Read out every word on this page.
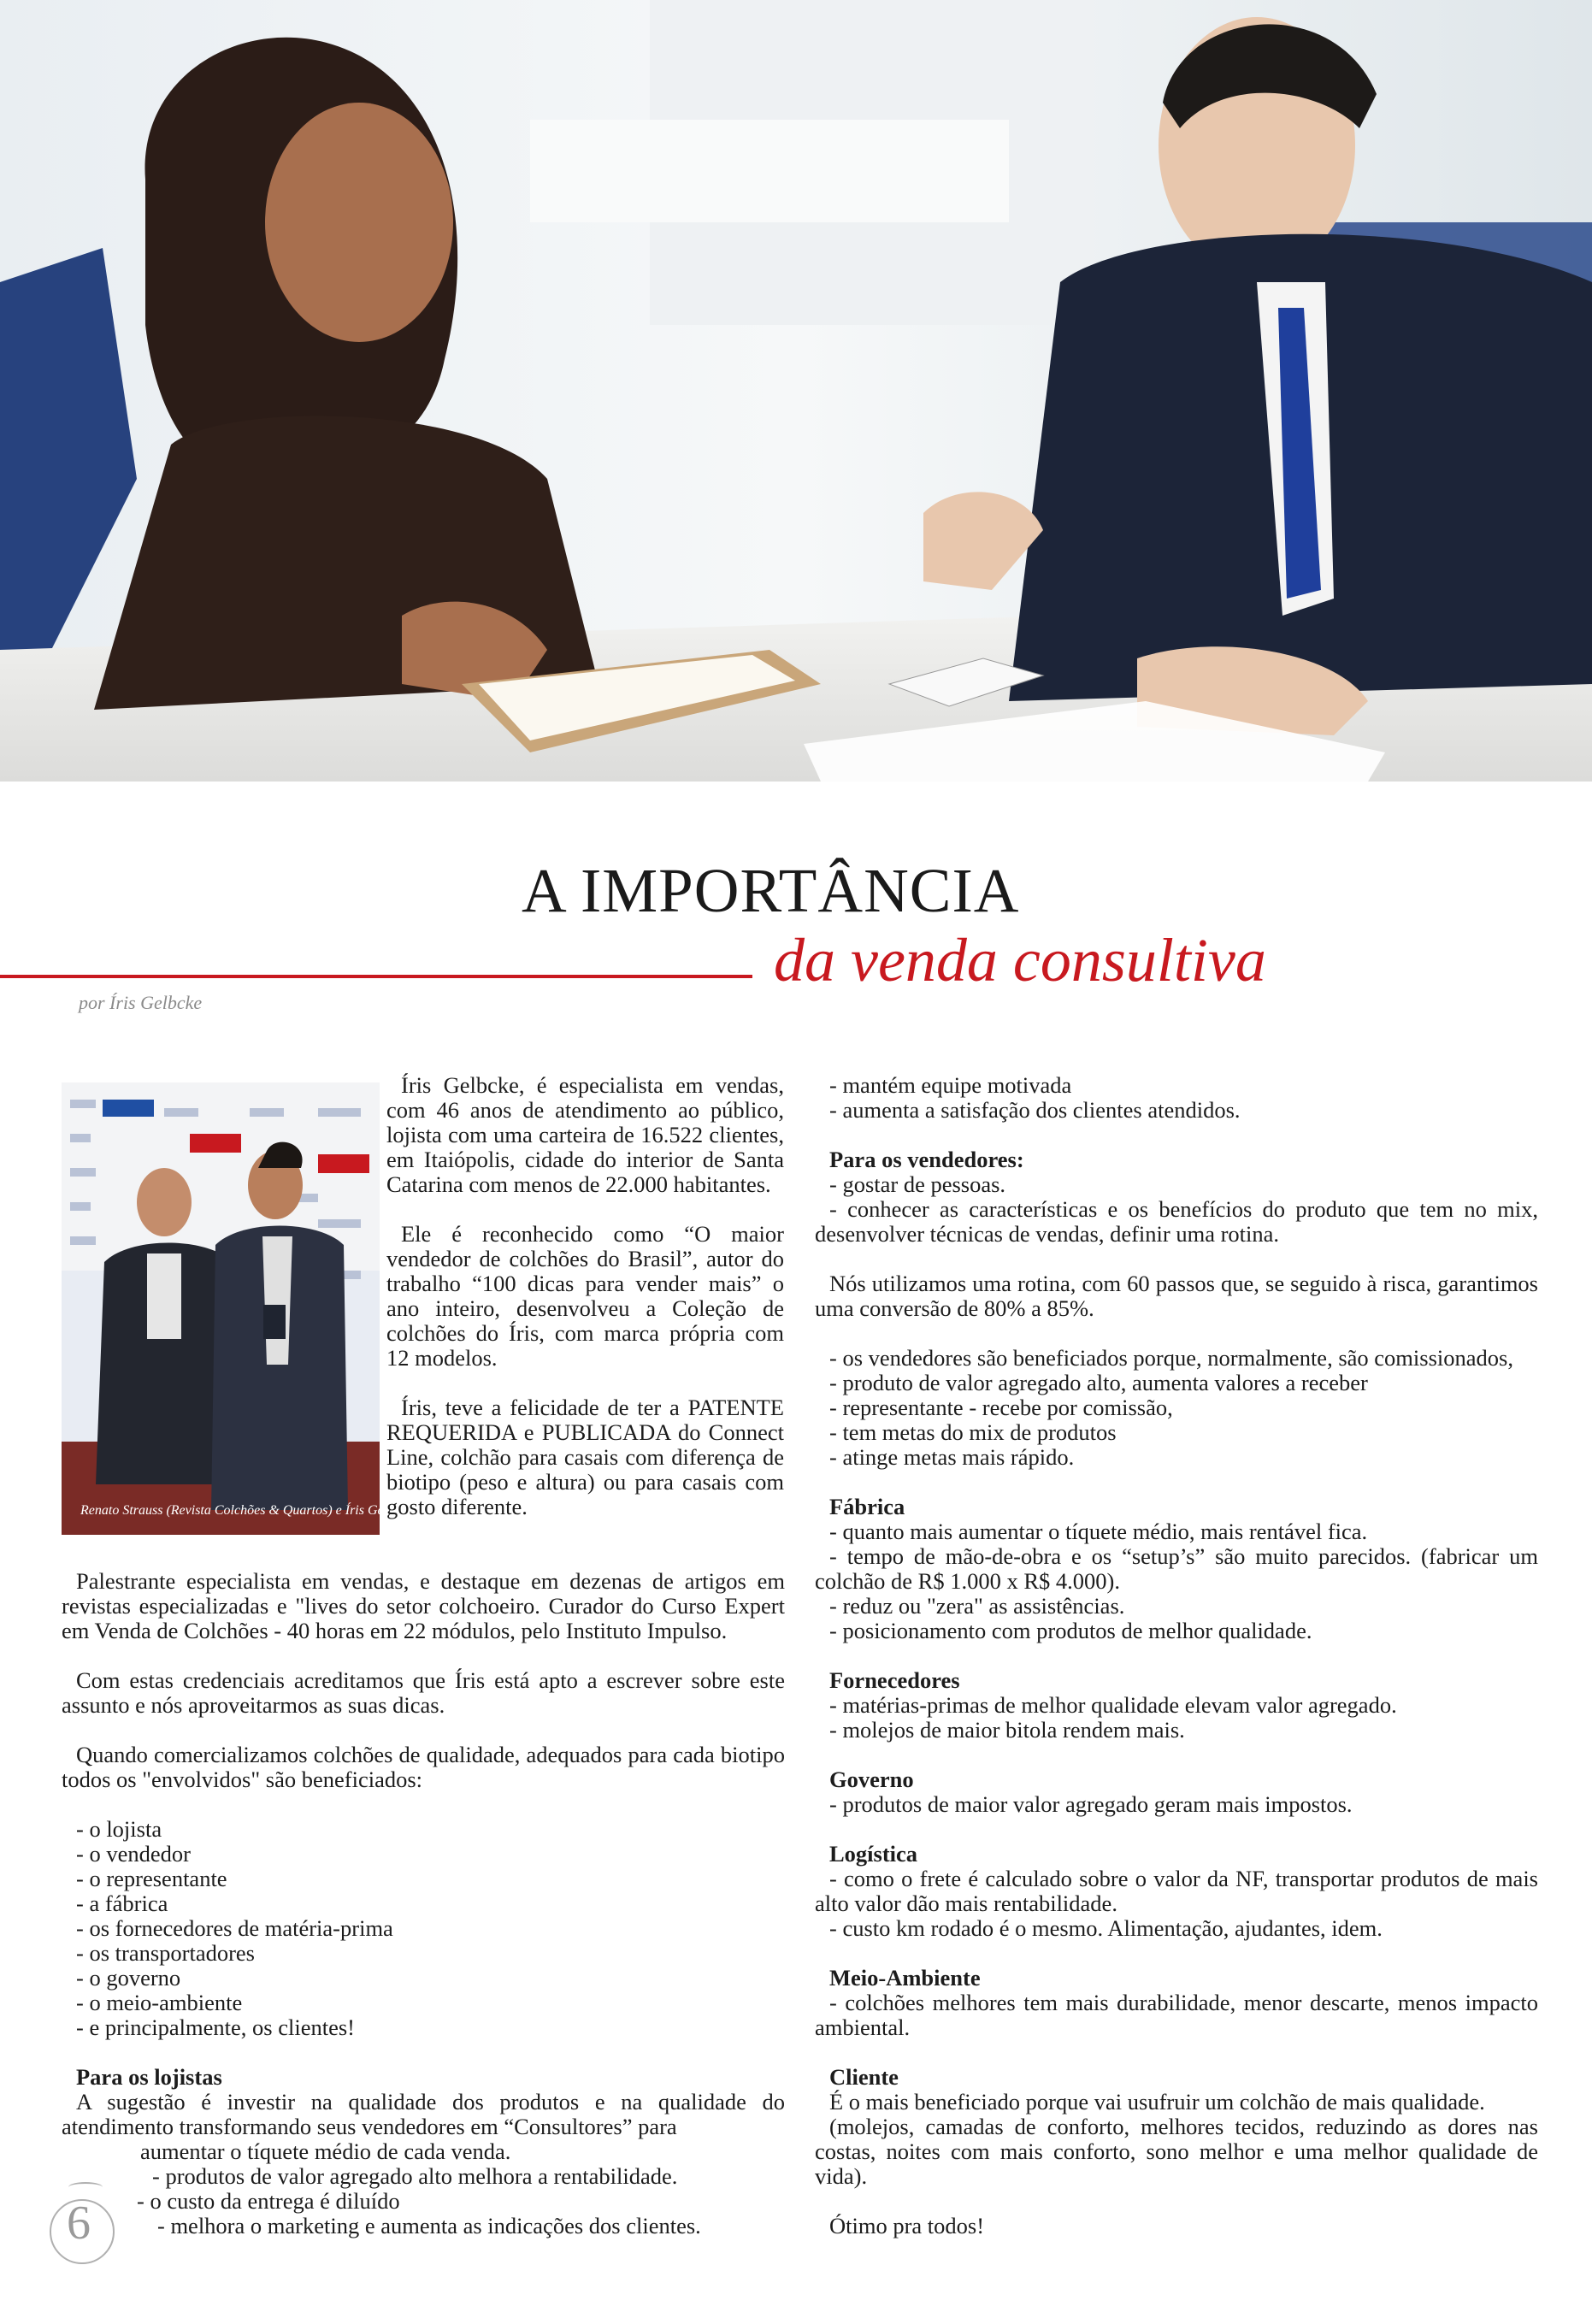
A IMPORTÂNCIA
da venda consultiva
por Íris Gelbcke
Renato Strauss (Revista Colchões & Quartos) e Íris Gelbcke

Íris Gelbcke, é especialista em vendas, com 46 anos de atendimento ao público, lojista com uma carteira de 16.522 clientes, em Itaiópolis, cidade do interior de Santa Catarina com menos de 22.000 habitantes.

Ele é reconhecido como “O maior vendedor de colchões do Brasil”, autor do trabalho “100 dicas para vender mais” o ano inteiro, desenvolveu a Coleção de colchões do Íris, com marca própria com 12 modelos.

Íris, teve a felicidade de ter a PATENTE REQUERIDA e PUBLICADA do Connect Line, colchão para casais com diferença de biotipo (peso e altura) ou para casais com gosto diferente.

Palestrante especialista em vendas, e destaque em dezenas de artigos em revistas especializadas e "lives do setor colchoeiro. Curador do Curso Expert em Venda de Colchões - 40 horas em 22 módulos, pelo Instituto Impulso.

Com estas credenciais acreditamos que Íris está apto a escrever sobre este assunto e nós aproveitarmos as suas dicas.

Quando comercializamos colchões de qualidade, adequados para cada biotipo todos os "envolvidos" são beneficiados:

- o lojista
- o vendedor
- o representante
- a fábrica
- os fornecedores de matéria-prima
- os transportadores
- o governo
- o meio-ambiente
- e principalmente, os clientes!
Para os lojistas

A sugestão é investir na qualidade dos produtos e na qualidade do atendimento transformando seus vendedores em “Consultores” para

aumentar o tíquete médio de cada venda.
- produtos de valor agregado alto melhora a rentabilidade.
- o custo da entrega é diluído
- melhora o marketing e aumenta as indicações dos clientes.
- mantém equipe motivada
- aumenta a satisfação dos clientes atendidos.
Para os vendedores:
- gostar de pessoas.

- conhecer as características e os benefícios do produto que tem no mix, desenvolver técnicas de vendas, definir uma rotina.

Nós utilizamos uma rotina, com 60 passos que, se seguido à risca, garantimos uma conversão de 80% a 85%.

- os vendedores são beneficiados porque, normalmente, são comissionados,

- produto de valor agregado alto, aumenta valores a receber
- representante - recebe por comissão,
- tem metas do mix de produtos
- atinge metas mais rápido.
Fábrica
- quanto mais aumentar o tíquete médio, mais rentável fica.

- tempo de mão-de-obra e os “setup’s” são muito parecidos. (fabricar um colchão de R$ 1.000 x R$ 4.000).

- reduz ou "zera" as assistências.
- posicionamento com produtos de melhor qualidade.
Fornecedores
- matérias-primas de melhor qualidade elevam valor agregado.
- molejos de maior bitola rendem mais.
Governo
- produtos de maior valor agregado geram mais impostos.
Logística

- como o frete é calculado sobre o valor da NF, transportar produtos de mais alto valor dão mais rentabilidade.

- custo km rodado é o mesmo. Alimentação, ajudantes, idem.
Meio-Ambiente

- colchões melhores tem mais durabilidade, menor descarte, menos impacto ambiental.

Cliente

É o mais beneficiado porque vai usufruir um colchão de mais qualidade.

(molejos, camadas de conforto, melhores tecidos, reduzindo as dores nas costas, noites com mais conforto, sono melhor e uma melhor qualidade de vida).

Ótimo pra todos!
6
